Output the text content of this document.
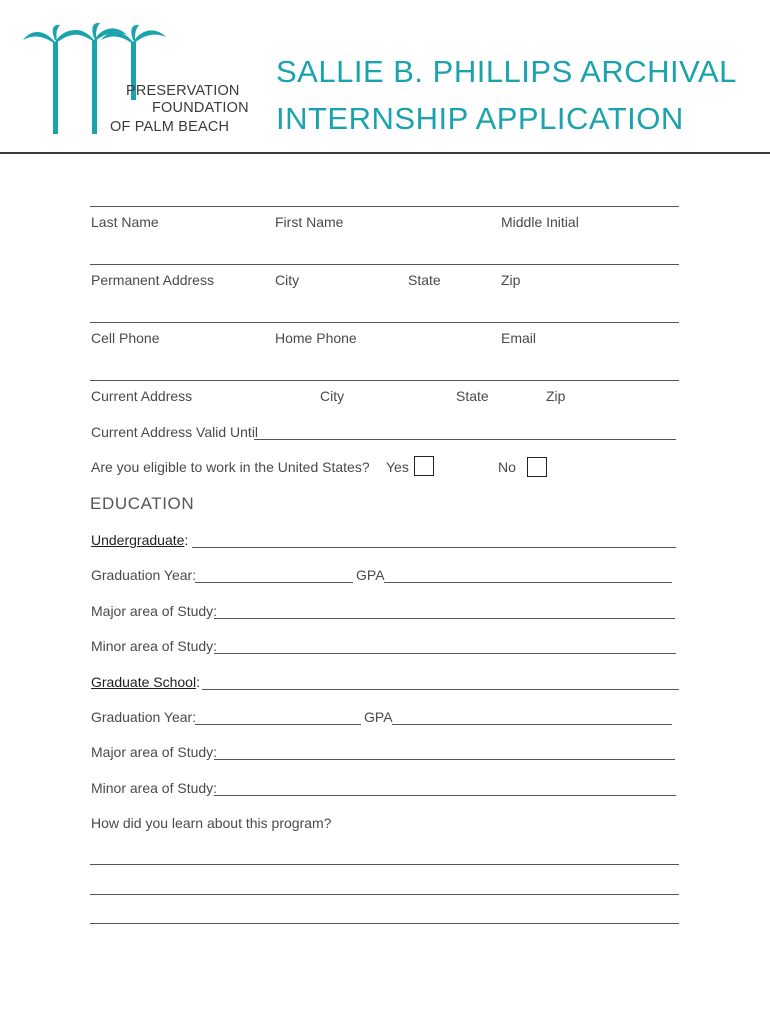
PRESERVATION
FOUNDATION
OF PALM BEACH
SALLIE B. PHILLIPS ARCHIVAL
INTERNSHIP APPLICATION
Last Name	First Name	Middle Initial
Permanent Address	City	State	Zip
Cell Phone	Home Phone	Email
Current Address	City	State	Zip
Current Address Valid Until
Are you eligible to work in the United States? Yes	No
EDUCATION
Undergraduate:
Graduation Year:	GPA
Major area of Study:
Minor area of Study:
Graduate School:
Graduation Year:	GPA
Major area of Study:
Minor area of Study:
How did you learn about this program?
